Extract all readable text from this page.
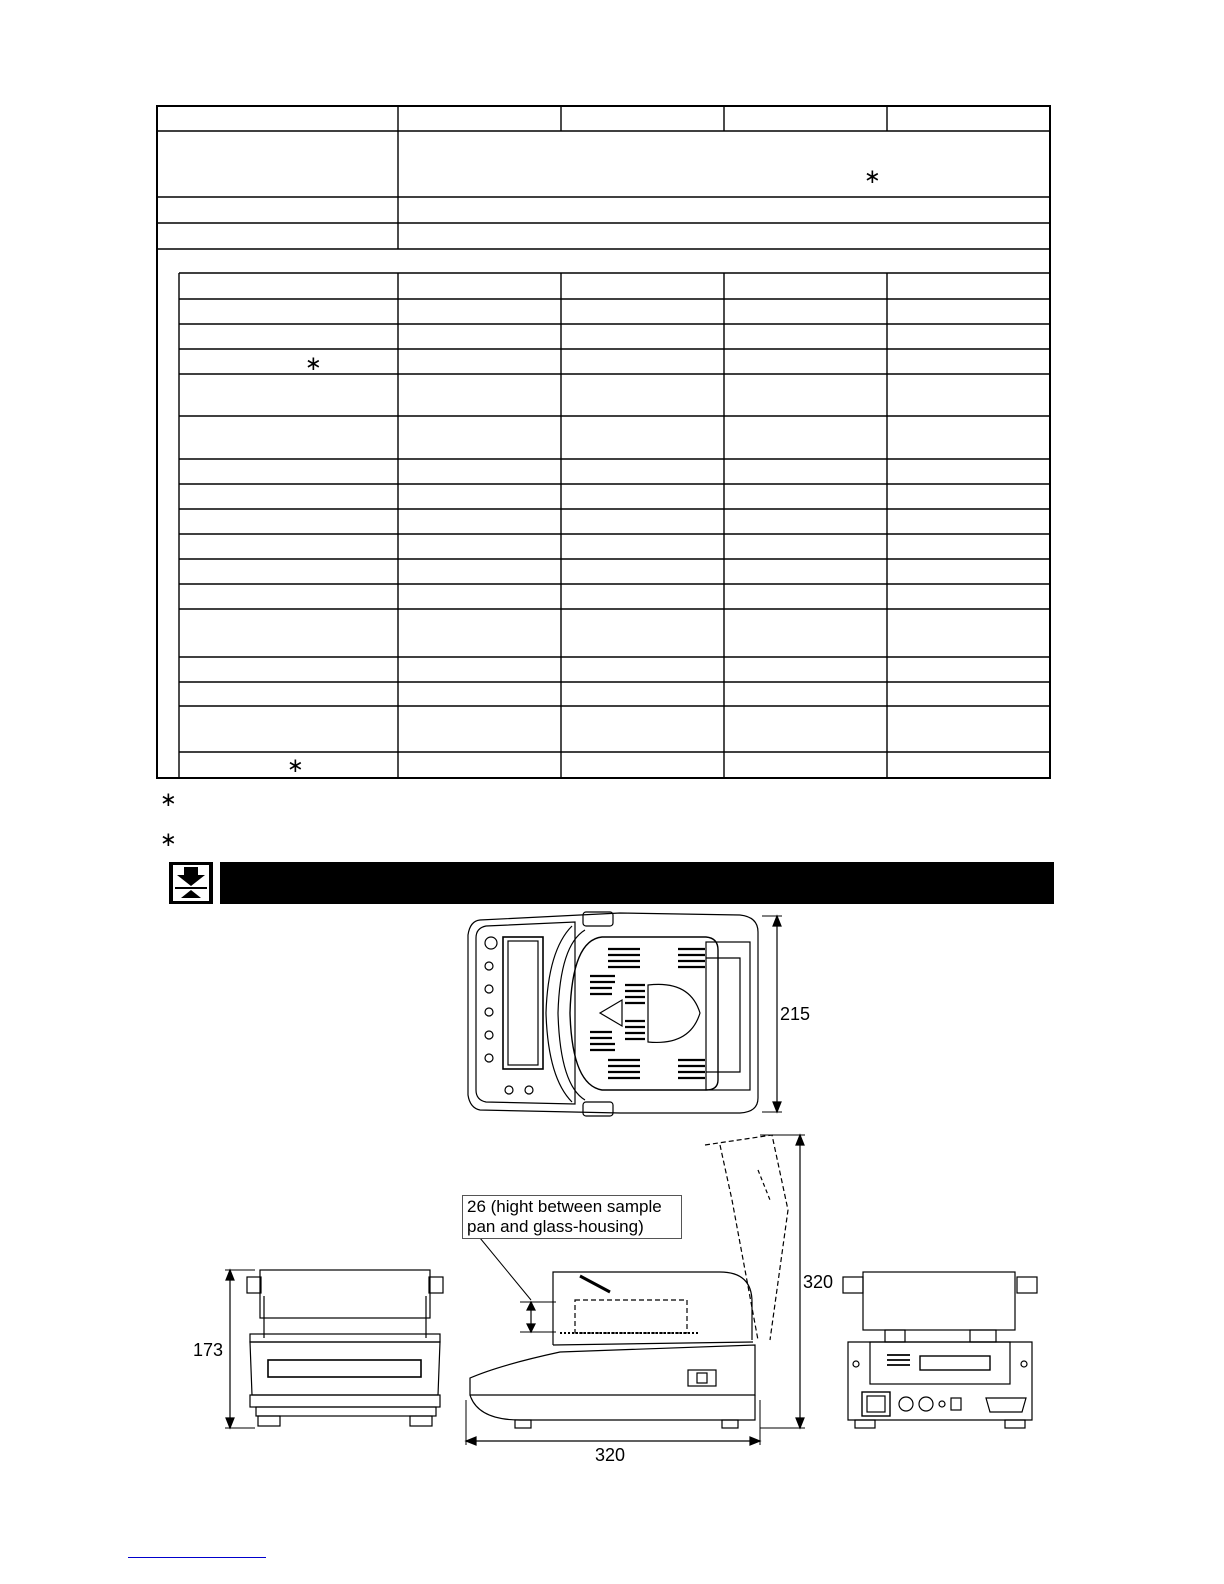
∗
∗
∗
∗
∗
215
173
320
320
26 (hight between sample
pan and glass-housing)
